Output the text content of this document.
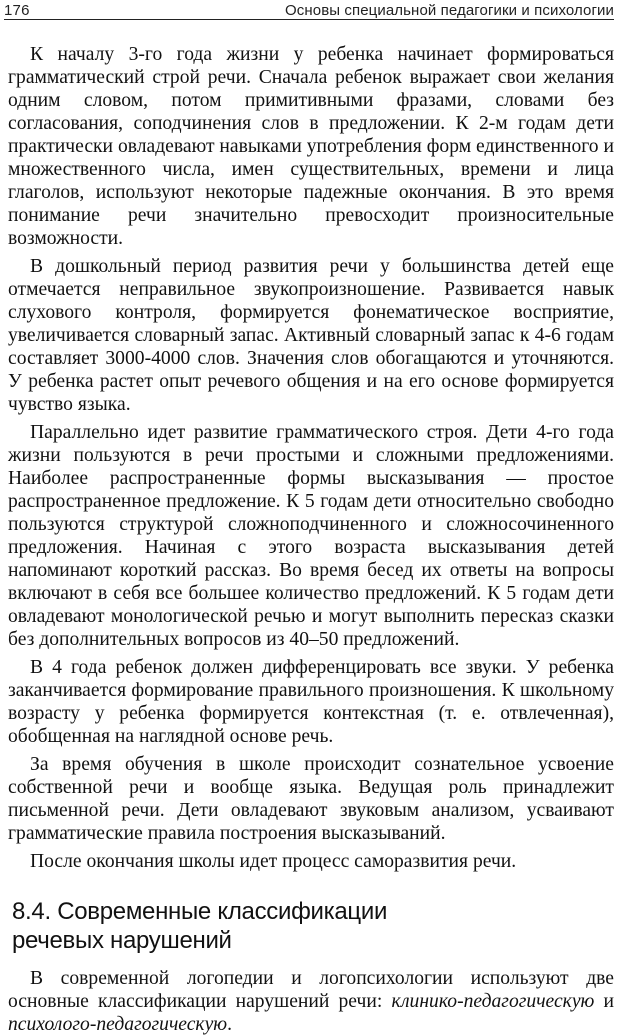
176	Основы специальной педагогики и психологии

К началу 3-го года жизни у ребенка начинает формироваться грамматический строй речи. Сначала ребенок выражает свои желания одним словом, потом примитивными фразами, словами без согласования, соподчинения слов в предложении. К 2-м годам дети практически овладевают навыками употребления форм единственного и множественного числа, имен существительных, времени и лица глаголов, используют некоторые падежные окончания. В это время понимание речи значительно превосходит произносительные возможности.

В дошкольный период развития речи у большинства детей еще отмечается неправильное звукопроизношение. Развивается навык слухового контроля, формируется фонематическое восприятие, увеличивается словарный запас. Активный словарный запас к 4-6 годам составляет 3000-4000 слов. Значения слов обогащаются и уточняются. У ребенка растет опыт речевого общения и на его основе формируется чувство языка.

Параллельно идет развитие грамматического строя. Дети 4-го года жизни пользуются в речи простыми и сложными предложениями. Наиболее распространенные формы высказывания — простое распространенное предложение. К 5 годам дети относительно свободно пользуются структурой сложноподчиненного и сложносочиненного предложения. Начиная с этого возраста высказывания детей напоминают короткий рассказ. Во время бесед их ответы на вопросы включают в себя все большее количество предложений. К 5 годам дети овладевают монологической речью и могут выполнить пересказ сказки без дополнительных вопросов из 40–50 предложений.

В 4 года ребенок должен дифференцировать все звуки. У ребенка заканчивается формирование правильного произношения. К школьному возрасту у ребенка формируется контекстная (т. е. отвлеченная), обобщенная на наглядной основе речь.

За время обучения в школе происходит сознательное усвоение собственной речи и вообще языка. Ведущая роль принадлежит письменной речи. Дети овладевают звуковым анализом, усваивают грамматические правила построения высказываний.

После окончания школы идет процесс саморазвития речи.

8.4. Современные классификации
речевых нарушений

В современной логопедии и логопсихологии используют две основные классификации нарушений речи: клинико-педагогическую и психолого-педагогическую.
